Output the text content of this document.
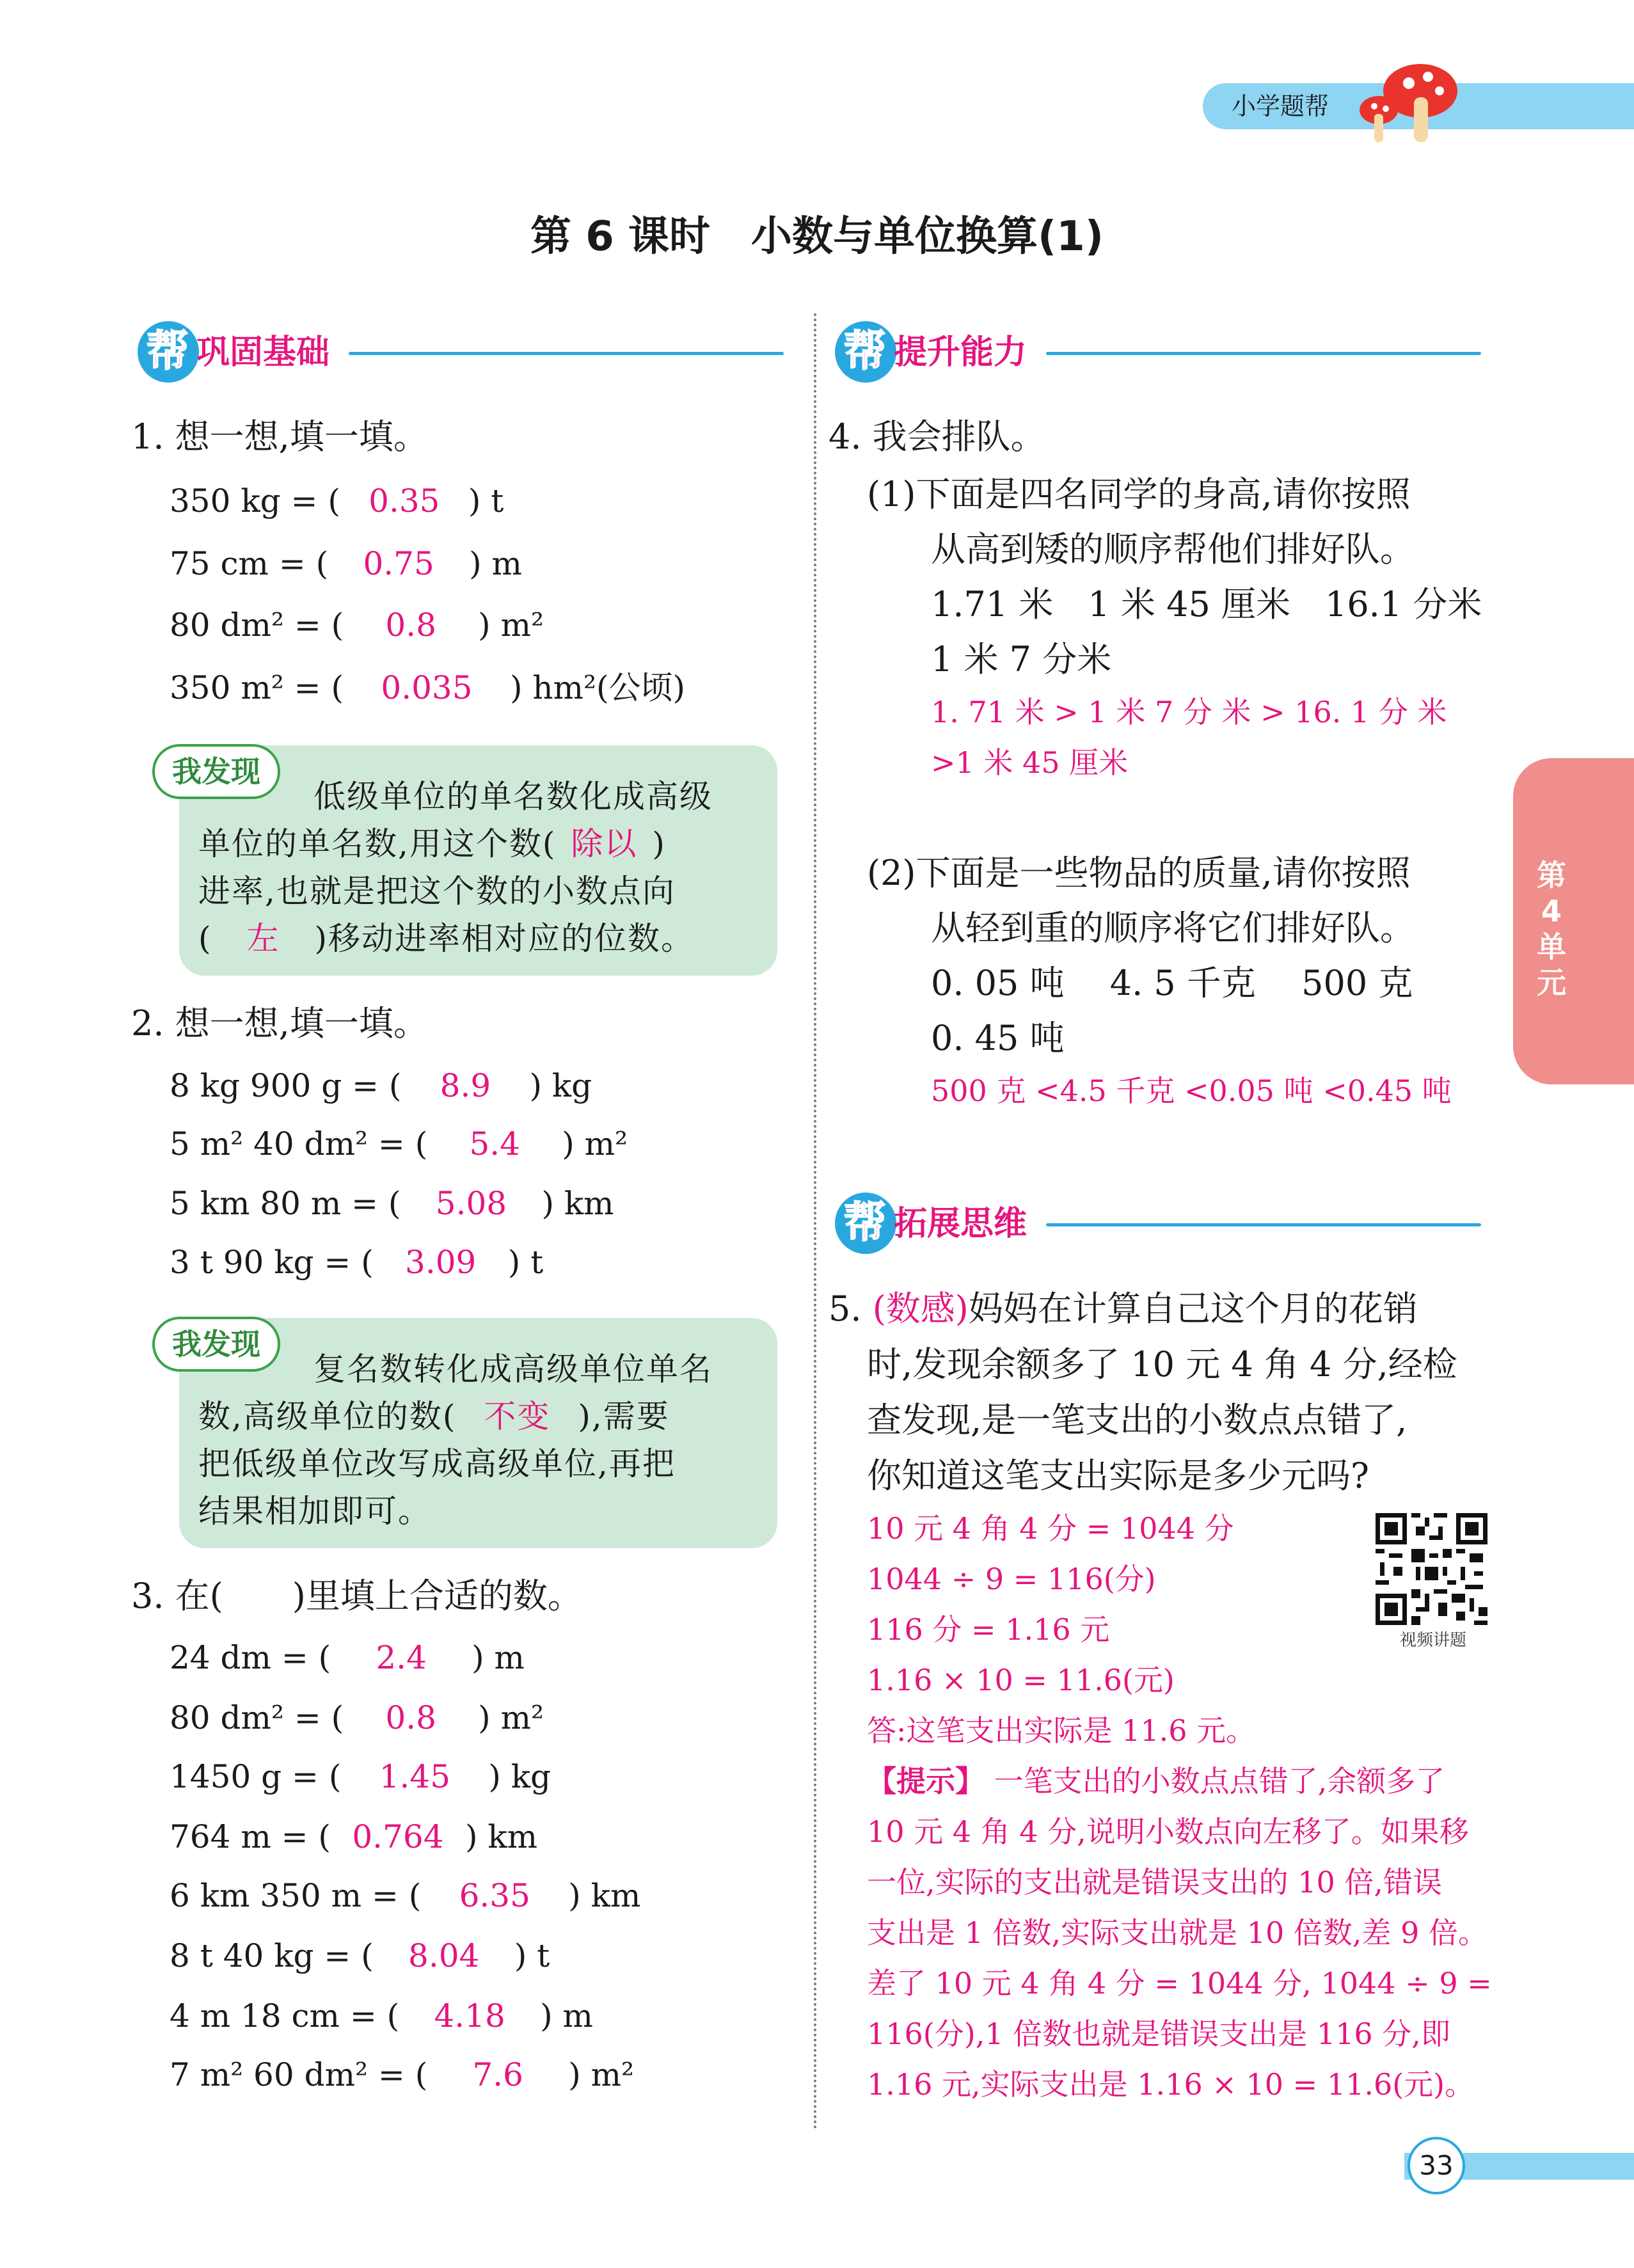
小学题帮
第 6 课时　小数与单位换算(1)
帮 巩固基础
1. 想一想,填一填。
350 kg = ( 0.35 ) t
75 cm = ( 0.75 ) m
80 dm² = ( 0.8 ) m²
350 m² = ( 0.035 ) hm²(公顷)
我发现
低级单位的单名数化成高级
单位的单名数,用这个数( 除以 )
进率,也就是把这个数的小数点向
( 左 )移动进率相对应的位数。
2. 想一想,填一填。
8 kg 900 g = ( 8.9 ) kg
5 m² 40 dm² = ( 5.4 ) m²
5 km 80 m = ( 5.08 ) km
3 t 90 kg = ( 3.09 ) t
我发现
复名数转化成高级单位单名
数,高级单位的数( 不变 ),需要
把低级单位改写成高级单位,再把
结果相加即可。
3. 在(　　)里填上合适的数。
24 dm = ( 2.4 ) m
80 dm² = ( 0.8 ) m²
1450 g = ( 1.45 ) kg
764 m = ( 0.764 ) km
6 km 350 m = ( 6.35 ) km
8 t 40 kg = ( 8.04 ) t
4 m 18 cm = ( 4.18 ) m
7 m² 60 dm² = ( 7.6 ) m²
帮 提升能力
4. 我会排队。
(1)下面是四名同学的身高,请你按照
从高到矮的顺序帮他们排好队。
1.71 米　1 米 45 厘米　16.1 分米
1 米 7 分米
1. 71 米 > 1 米 7 分 米 > 16. 1 分 米
>1 米 45 厘米
(2)下面是一些物品的质量,请你按照
从轻到重的顺序将它们排好队。
0. 05 吨　 4. 5 千克　 500 克
0. 45 吨
500 克 <4.5 千克 <0.05 吨 <0.45 吨
帮 拓展思维
5. (数感)妈妈在计算自己这个月的花销
时,发现余额多了 10 元 4 角 4 分,经检
查发现,是一笔支出的小数点点错了,
你知道这笔支出实际是多少元吗?
10 元 4 角 4 分 = 1044 分
1044 ÷ 9 = 116(分)
116 分 = 1.16 元
1.16 × 10 = 11.6(元)
答:这笔支出实际是 11.6 元。
【提示】 一笔支出的小数点点错了,余额多了
10 元 4 角 4 分,说明小数点向左移了。如果移
一位,实际的支出就是错误支出的 10 倍,错误
支出是 1 倍数,实际支出就是 10 倍数,差 9 倍。
差了 10 元 4 角 4 分 = 1044 分, 1044 ÷ 9 =
116(分),1 倍数也就是错误支出是 116 分,即
1.16 元,实际支出是 1.16 × 10 = 11.6(元)。
视频讲题
第
4
单
元
33
